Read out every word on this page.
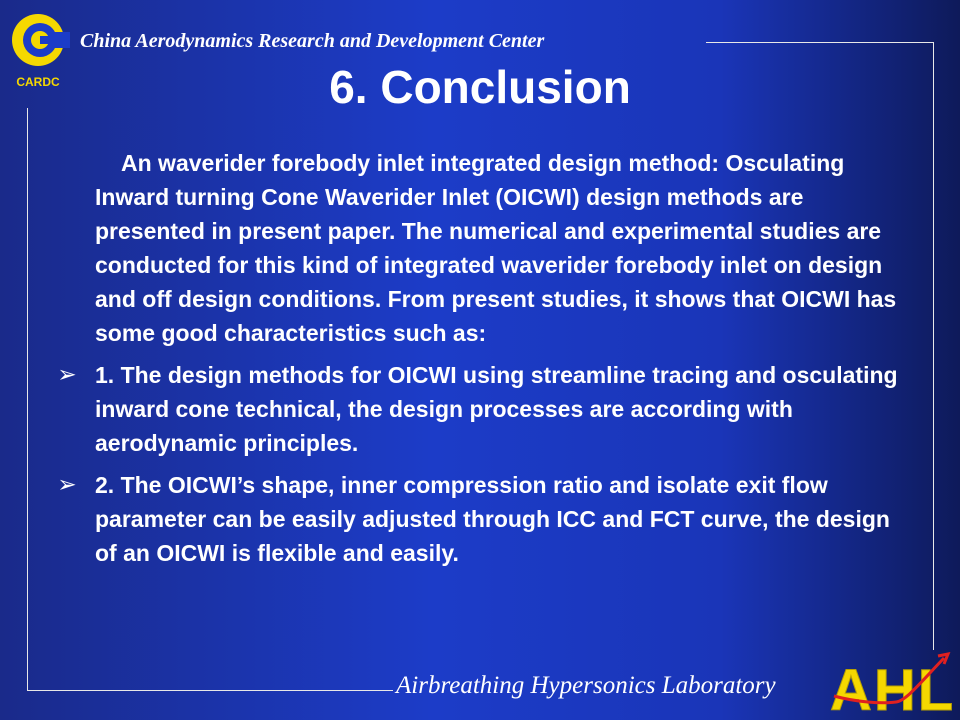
CARDC
China Aerodynamics Research and Development Center
6. Conclusion

An waverider forebody inlet integrated design method: Osculating Inward turning Cone Waverider Inlet (OICWI) design methods are presented in present paper. The numerical and experimental studies are conducted for this kind of integrated waverider forebody inlet on design and off design conditions. From present studies, it shows that OICWI has some good characteristics such as:

➢ 1. The design methods for OICWI using streamline tracing and osculating inward cone technical, the design processes are according with aerodynamic principles.

➢ 2. The OICWI’s shape, inner compression ratio and isolate exit flow parameter can be easily adjusted through ICC and FCT curve, the design of an OICWI is flexible and easily.

Airbreathing Hypersonics Laboratory AHL
